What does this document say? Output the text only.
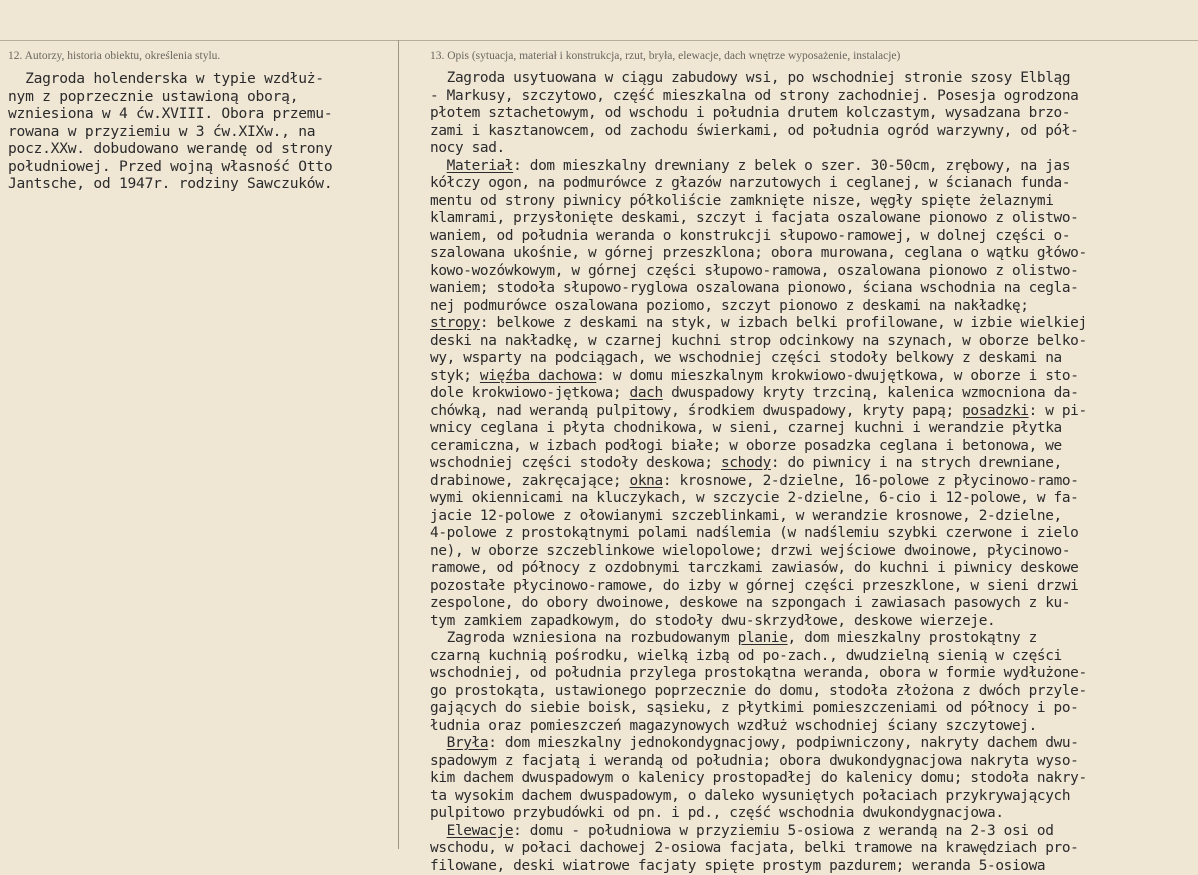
12. Autorzy, historia obiektu, określenia stylu.	13. Opis (sytuacja, materiał i konstrukcja, rzut, bryła, elewacje, dach wnętrze wyposażenie, instalacje)
Zagroda holenderska w typie wzdłuż-
nym z poprzecznie ustawioną oborą,
wzniesiona w 4 ćw.XVIII. Obora przemu-
rowana w przyziemiu w 3 ćw.XIXw., na
pocz.XXw. dobudowano werandę od strony
południowej. Przed wojną własność Otto
Jantsche, od 1947r. rodziny Sawczuków.
Zagroda usytuowana w ciągu zabudowy wsi, po wschodniej stronie szosy Elbląg
- Markusy, szczytowo, część mieszkalna od strony zachodniej. Posesja ogrodzona
płotem sztachetowym, od wschodu i południa drutem kolczastym, wysadzana brzo-
zami i kasztanowcem, od zachodu świerkami, od południa ogród warzywny, od pół-
nocy sad.
Materiał: dom mieszkalny drewniany z belek o szer. 30-50cm, zrębowy, na jas
kółczy ogon, na podmurówce z głazów narzutowych i ceglanej, w ścianach funda-
mentu od strony piwnicy półkoliście zamknięte nisze, węgły spięte żelaznymi
klamrami, przysłonięte deskami, szczyt i facjata oszalowane pionowo z olistwo-
waniem, od południa weranda o konstrukcji słupowo-ramowej, w dolnej części o-
szalowana ukośnie, w górnej przeszklona; obora murowana, ceglana o wątku główo-
kowo-wozówkowym, w górnej części słupowo-ramowa, oszalowana pionowo z olistwo-
waniem; stodoła słupowo-ryglowa oszalowana pionowo, ściana wschodnia na cegla-
nej podmurówce oszalowana poziomo, szczyt pionowo z deskami na nakładkę;
stropy: belkowe z deskami na styk, w izbach belki profilowane, w izbie wielkiej
deski na nakładkę, w czarnej kuchni strop odcinkowy na szynach, w oborze belko-
wy, wsparty na podciągach, we wschodniej części stodoły belkowy z deskami na
styk; więźba dachowa: w domu mieszkalnym krokwiowo-dwujętkowa, w oborze i sto-
dole krokwiowo-jętkowa; dach dwuspadowy kryty trzciną, kalenica wzmocniona da-
chówką, nad werandą pulpitowy, środkiem dwuspadowy, kryty papą; posadzki: w pi-
wnicy ceglana i płyta chodnikowa, w sieni, czarnej kuchni i werandzie płytka
ceramiczna, w izbach podłogi białe; w oborze posadzka ceglana i betonowa, we
wschodniej części stodoły deskowa; schody: do piwnicy i na strych drewniane,
drabinowe, zakręcające; okna: krosnowe, 2-dzielne, 16-polowe z płycinowo-ramo-
wymi okiennicami na kluczykach, w szczycie 2-dzielne, 6-cio i 12-polowe, w fa-
jacie 12-polowe z ołowianymi szczeblinkami, w werandzie krosnowe, 2-dzielne,
4-polowe z prostokątnymi polami nadślemia (w nadślemiu szybki czerwone i zielo
ne), w oborze szczeblinkowe wielopolowe; drzwi wejściowe dwoinowe, płycinowo-
ramowe, od północy z ozdobnymi tarczkami zawiasów, do kuchni i piwnicy deskowe
pozostałe płycinowo-ramowe, do izby w górnej części przeszklone, w sieni drzwi
zespolone, do obory dwoinowe, deskowe na szpongach i zawiasach pasowych z ku-
tym zamkiem zapadkowym, do stodoły dwu-skrzydłowe, deskowe wierzeje.
Zagroda wzniesiona na rozbudowanym planie, dom mieszkalny prostokątny z
czarną kuchnią pośrodku, wielką izbą od po-zach., dwudzielną sienią w części
wschodniej, od południa przylega prostokątna weranda, obora w formie wydłużone-
go prostokąta, ustawionego poprzecznie do domu, stodoła złożona z dwóch przyle-
gających do siebie boisk, sąsieku, z płytkimi pomieszczeniami od północy i po-
łudnia oraz pomieszczeń magazynowych wzdłuż wschodniej ściany szczytowej.
Bryła: dom mieszkalny jednokondygnacjowy, podpiwniczony, nakryty dachem dwu-
spadowym z facjatą i werandą od południa; obora dwukondygnacjowa nakryta wyso-
kim dachem dwuspadowym o kalenicy prostopadłej do kalenicy domu; stodoła nakry-
ta wysokim dachem dwuspadowym, o daleko wysuniętych połaciach przykrywających
pulpitowo przybudówki od pn. i pd., część wschodnia dwukondygnacjowa.
Elewacje: domu - południowa w przyziemiu 5-osiowa z werandą na 2-3 osi od
wschodu, w połaci dachowej 2-osiowa facjata, belki tramowe na krawędziach pro-
filowane, deski wiatrowe facjaty spięte prostym pazdurem; weranda 5-osiowa
